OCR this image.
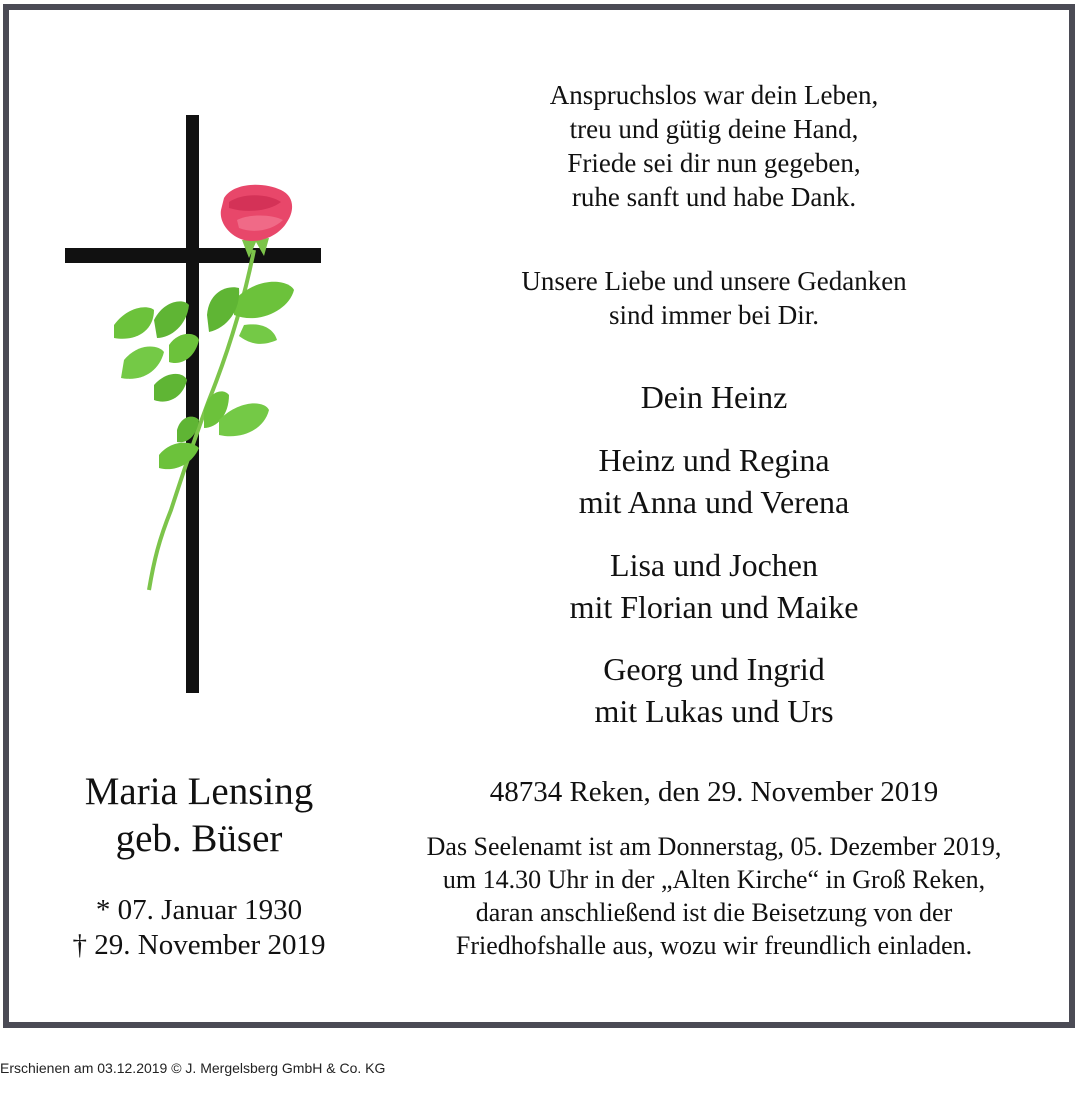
Maria Lensing
geb. Büser
* 07. Januar 1930
† 29. November 2019
Anspruchslos war dein Leben,
treu und gütig deine Hand,
Friede sei dir nun gegeben,
ruhe sanft und habe Dank.
Unsere Liebe und unsere Gedanken
sind immer bei Dir.
Dein Heinz
Heinz und Regina
mit Anna und Verena
Lisa und Jochen
mit Florian und Maike
Georg und Ingrid
mit Lukas und Urs
48734 Reken, den 29. November 2019
Das Seelenamt ist am Donnerstag, 05. Dezember 2019,
um 14.30 Uhr in der „Alten Kirche“ in Groß Reken,
daran anschließend ist die Beisetzung von der
Friedhofshalle aus, wozu wir freundlich einladen.
Erschienen am 03.12.2019 © J. Mergelsberg GmbH & Co. KG
